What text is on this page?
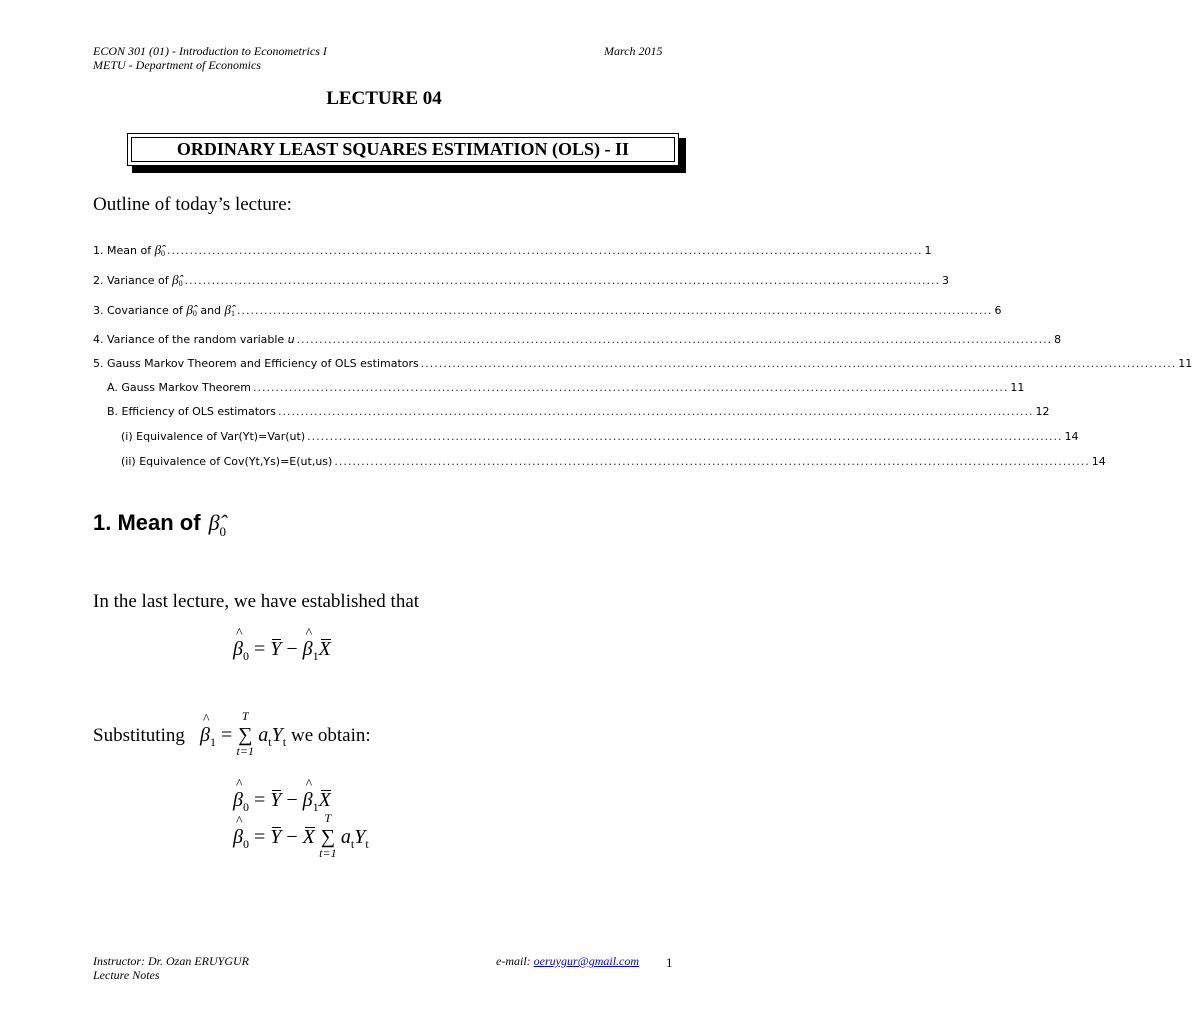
ECON 301 (01) - Introduction to Econometrics I
METU - Department of Economics
March 2015
LECTURE 04
ORDINARY LEAST SQUARES ESTIMATION (OLS) - II
Outline of today’s lecture:
1. Mean of $\betâ_0$ ........................................................................................................................................................................ 1
2. Variance of $\betâ_0$ ........................................................................................................................................................................ 3
3. Covariance of $\betâ_0$ and $\betâ_1$ ........................................................................................................................................................................ 6
4. Variance of the random variable u ........................................................................................................................................................................ 8
5. Gauss Markov Theorem and Efficiency of OLS estimators ........................................................................................................................................................................ 11
A. Gauss Markov Theorem ........................................................................................................................................................................ 11
B. Efficiency of OLS estimators ........................................................................................................................................................................ 12
(i) Equivalence of Var(Yt)=Var(ut) ........................................................................................................................................................................ 14
(ii) Equivalence of Cov(Yt,Ys)=E(ut,us) ........................................................................................................................................................................ 14
1. Mean of $\betâ_0$
In the last lecture, we have established that
^ $\beta_0 = Y$ − ^ $\beta_1X$
Substituting ^ $\beta_1$ =
T
∑
t=1
$a_tY_t$ we obtain:
^ $\beta_0 = Y$ − ^ $\beta_1X$
^ $\beta_0 = Y - X$
T
∑
t=1
$a_tY_t$
Instructor: Dr. Ozan ERUYGUR
Lecture Notes
e-mail: oeruygur@gmail.com 1
